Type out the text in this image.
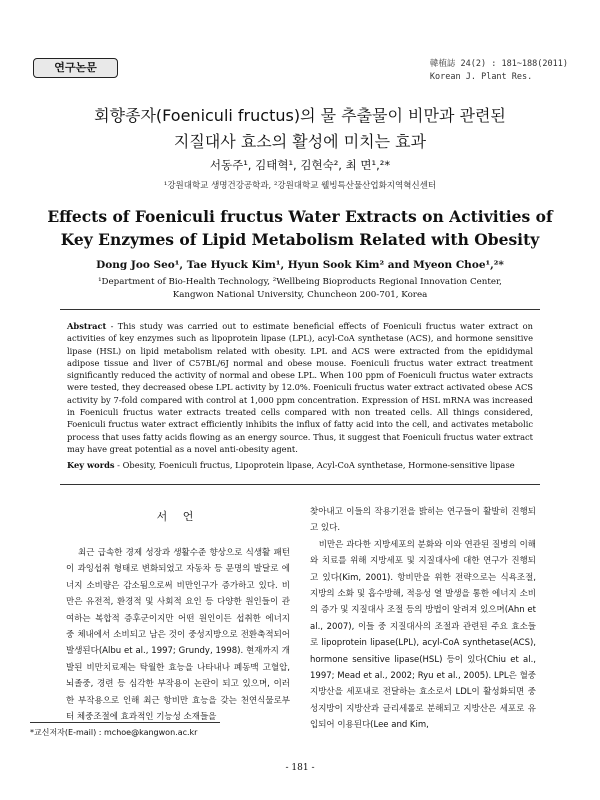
연구논문	韓植誌 24(2) : 181~188(2011)
Korean J. Plant Res.
회향종자(Foeniculi fructus)의 물 추출물이 비만과 관련된
지질대사 효소의 활성에 미치는 효과
서동주¹, 김태혁¹, 김현숙², 최 면¹,²*
¹강원대학교 생명건강공학과, ²강원대학교 웰빙특산물산업화지역혁신센터
Effects of Foeniculi fructus Water Extracts on Activities of Key Enzymes of Lipid Metabolism Related with Obesity
Dong Joo Seo¹, Tae Hyuck Kim¹, Hyun Sook Kim² and Myeon Choe¹,²*
¹Department of Bio-Health Technology, ²Wellbeing Bioproducts Regional Innovation Center,
Kangwon National University, Chuncheon 200-701, Korea
Abstract - This study was carried out to estimate beneficial effects of Foeniculi fructus water extract on activities of key enzymes such as lipoprotein lipase (LPL), acyl-CoA synthetase (ACS), and hormone sensitive lipase (HSL) on lipid metabolism related with obesity. LPL and ACS were extracted from the epididymal adipose tissue and liver of C57BL/6J normal and obese mouse. Foeniculi fructus water extract treatment significantly reduced the activity of normal and obese LPL. When 100 ppm of Foeniculi fructus water extracts were tested, they decreased obese LPL activity by 12.0%. Foeniculi fructus water extract activated obese ACS activity by 7-fold compared with control at 1,000 ppm concentration. Expression of HSL mRNA was increased in Foeniculi fructus water extracts treated cells compared with non treated cells. All things considered, Foeniculi fructus water extract efficiently inhibits the influx of fatty acid into the cell, and activates metabolic process that uses fatty acids flowing as an energy source. Thus, it suggest that Foeniculi fructus water extract may have great potential as a novel anti-obesity agent.
Key words - Obesity, Foeniculi fructus, Lipoprotein lipase, Acyl-CoA synthetase, Hormone-sensitive lipase
서 언
최근 급속한 경제 성장과 생활수준 향상으로 식생활 패턴이 과잉섭취 형태로 변화되었고 자동차 등 문명의 발달로 에너지 소비량은 감소됨으로써 비만인구가 증가하고 있다. 비만은 유전적, 환경적 및 사회적 요인 등 다양한 원인들이 관여하는 복합적 증후군이지만 어떤 원인이든 섭취한 에너지 중 체내에서 소비되고 남은 것이 중성지방으로 전환축적되어 발생된다(Albu et al., 1997; Grundy, 1998). 현재까지 개발된 비만치료제는 탁월한 효능을 나타내나 폐동맥 고혈압, 뇌졸중, 경련 등 심각한 부작용이 논란이 되고 있으며, 이러한 부작용으로 인해 최근 항비만 효능을 갖는 천연식물로부터 체중조절에 효과적인 기능성 소재들을
찾아내고 이들의 작용기전을 밝히는 연구들이 활발히 진행되고 있다.
　비만은 과다한 지방세포의 분화와 이와 연관된 질병의 이해와 치료를 위해 지방세포 및 지질대사에 대한 연구가 진행되고 있다(Kim, 2001). 항비만을 위한 전략으로는 식욕조절, 지방의 소화 및 흡수방해, 적응성 열 발생을 통한 에너지 소비의 증가 및 지질대사 조절 등의 방법이 알려져 있으며(Ahn et al., 2007), 이들 중 지질대사의 조절과 관련된 주요 효소들로 lipoprotein lipase(LPL), acyl-CoA synthetase(ACS), hormone sensitive lipase(HSL) 등이 있다(Chiu et al., 1997; Mead et al., 2002; Ryu et al., 2005). LPL은 혈중 지방산을 세포내로 전달하는 효소로서 LDL이 활성화되면 중성지방이 지방산과 글리세롤로 분해되고 지방산은 세포로 유입되어 이용된다(Lee and Kim,
*교신저자(E-mail) : mchoe@kangwon.ac.kr
- 181 -
